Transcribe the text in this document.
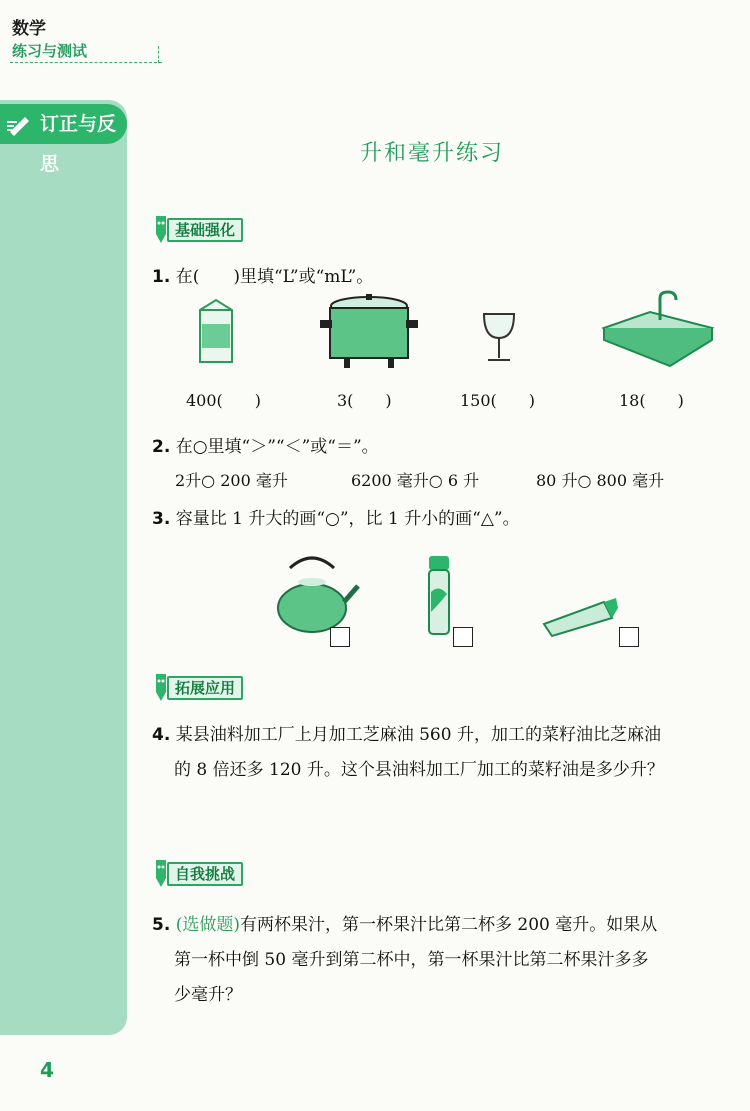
数学
练习与测试
订正与反思	升和毫升练习
基础强化
1. 在(　　)里填“L”或“mL”。
400(　　)	3(　　)	150(　　)	18(　　)
2. 在○里填“＞”“＜”或“＝”。
2升○ 200 毫升	6200 毫升○ 6 升	80 升○ 800 毫升
3. 容量比 1 升大的画“○”，比 1 升小的画“△”。
拓展应用
4. 某县油料加工厂上月加工芝麻油 560 升，加工的菜籽油比芝麻油
的 8 倍还多 120 升。这个县油料加工厂加工的菜籽油是多少升？
自我挑战
5. (选做题)有两杯果汁，第一杯果汁比第二杯多 200 毫升。如果从
第一杯中倒 50 毫升到第二杯中，第一杯果汁比第二杯果汁多多
少毫升？
4
